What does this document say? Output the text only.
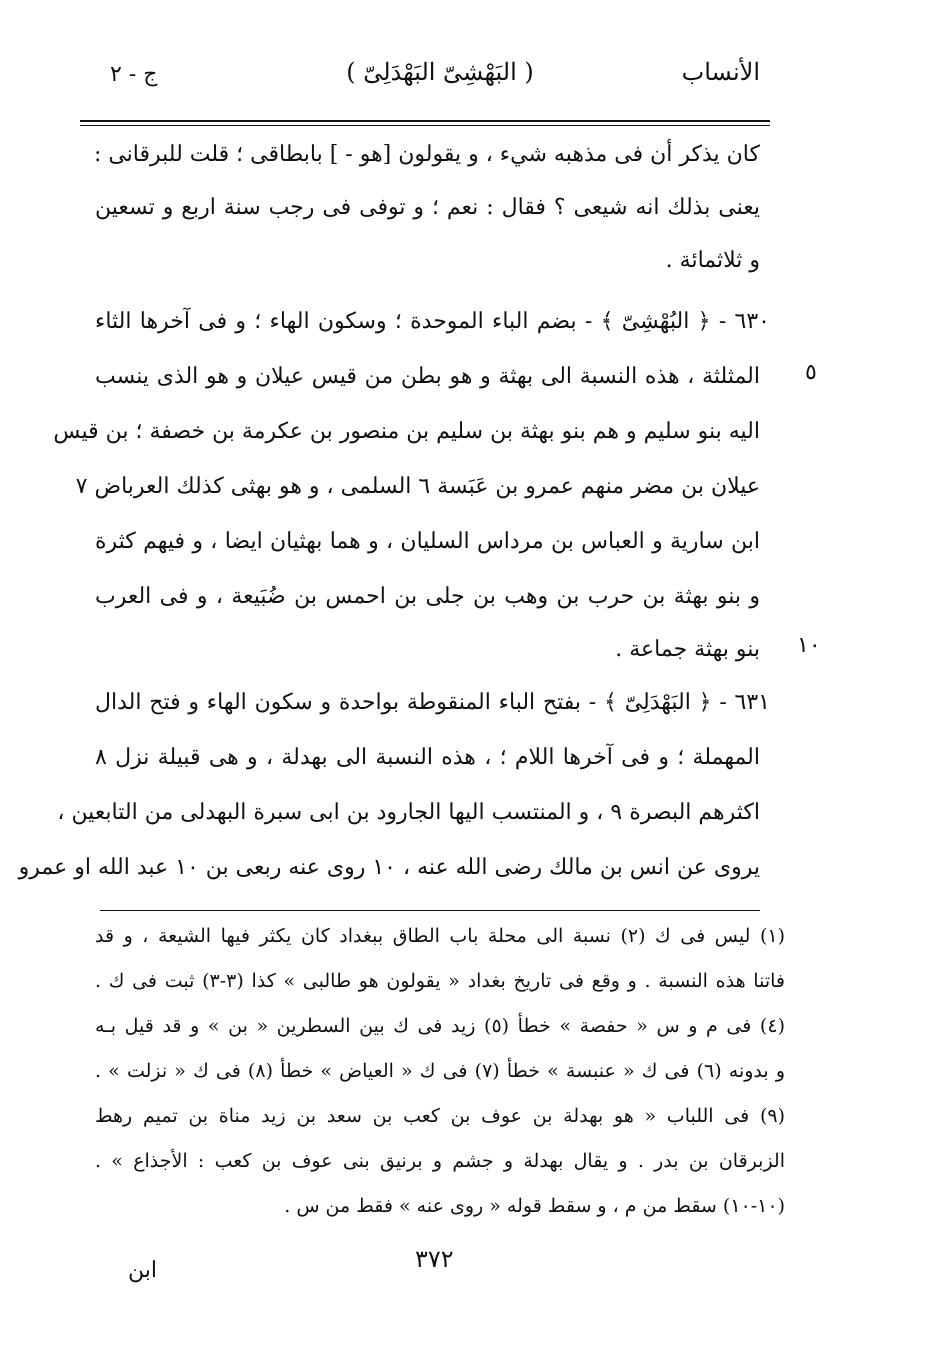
الأنساب
( البَهْشِىّ البَهْدَلِىّ )
ج - ٢
كان يذكر أن فى مذهبه شيء ، و يقولون [هو - ] بابطاقى ؛ قلت للبرقانى :
يعنى بذلك انه شيعى ؟ فقال : نعم ؛ و توفى فى رجب سنة اربع و تسعين
و ثلاثمائة .
٦٣٠ - ﴿ البُهْشِىّ ﴾ - بضم الباء الموحدة ؛ وسكون الهاء ؛ و فى آخرها الثاء
المثلثة ، هذه النسبة الى بهثة و هو بطن من قيس عيلان و هو الذى ينسب
اليه بنو سليم و هم بنو بهثة بن سليم بن منصور بن عكرمة بن خصفة ؛ بن قيس
عيلان بن مضر منهم عمرو بن عَبَسة ٦ السلمى ، و هو بهثى كذلك العرباض ٧
ابن سارية و العباس بن مرداس السليان ، و هما بهثيان ايضا ، و فيهم كثرة
و بنو بهثة بن حرب بن وهب بن جلى بن احمس بن ضُبَيعة ، و فى العرب
بنو بهثة جماعة .
٦٣١ - ﴿ البَهْدَلِىّ ﴾ - بفتح الباء المنقوطة بواحدة و سكون الهاء و فتح الدال
المهملة ؛ و فى آخرها اللام ؛ ، هذه النسبة الى بهدلة ، و هى قبيلة نزل ٨
اكثرهم البصرة ٩ ، و المنتسب اليها الجارود بن ابى سبرة البهدلى من التابعين ،
يروى عن انس بن مالك رضى الله عنه ، ١٠ روى عنه ربعى بن ١٠ عبد الله او عمرو
٥
١٠
(١) ليس فى ك (٢) نسبة الى محلة باب الطاق ببغداد كان يكثر فيها الشيعة ، و قد
فاتنا هذه النسبة . و وقع فى تاريخ بغداد « يقولون هو طالبى » كذا (٣-٣) ثبت فى ك .
(٤) فى م و س « حفصة » خطأ (٥) زيد فى ك بين السطرين « بن » و قد قيل بـه
و بدونه (٦) فى ك « عنبسة » خطأ (٧) فى ك « العياض » خطأ (٨) فى ك « نزلت » .
(٩) فى اللباب « هو بهدلة بن عوف بن كعب بن سعد بن زيد مناة بن تميم رهط
الزبرقان بن بدر . و يقال بهدلة و جشم و برنيق بنى عوف بن كعب : الأجذاع » .
(١٠-١٠) سقط من م ، و سقط قوله « روى عنه » فقط من س .
٣٧٢
ابن
